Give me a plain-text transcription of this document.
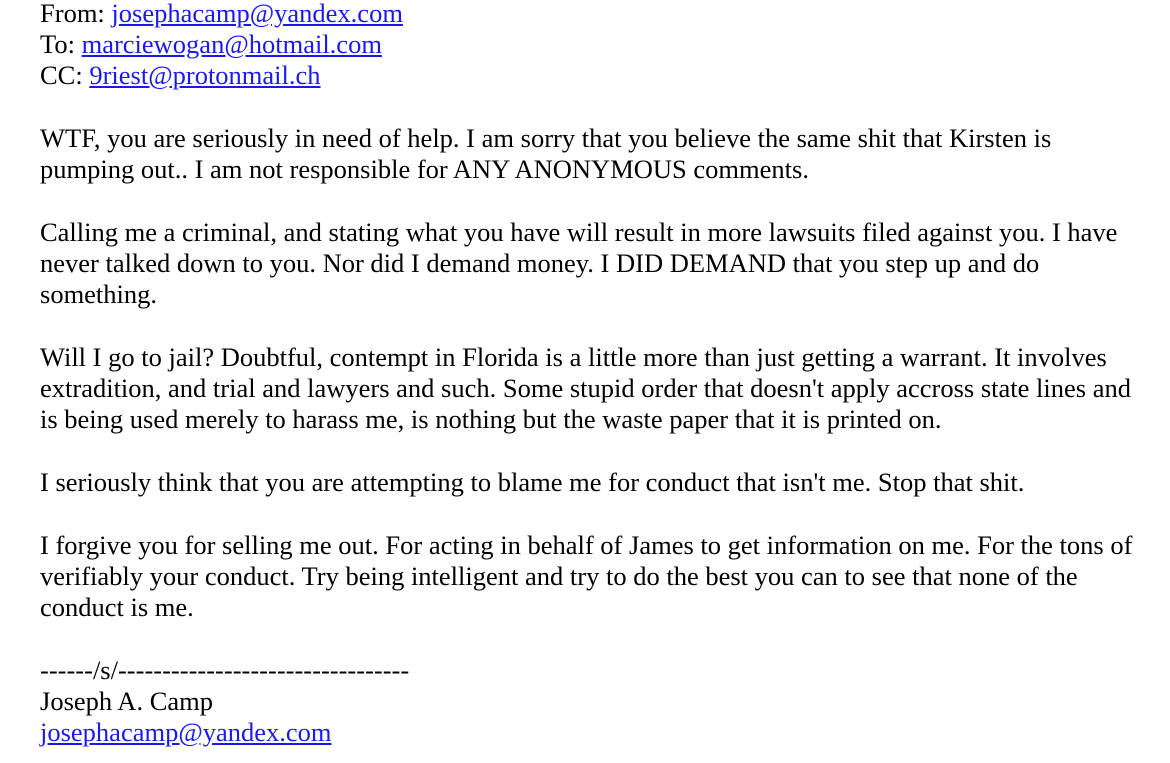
From: josephacamp@yandex.com
To: marciewogan@hotmail.com
CC: 9riest@protonmail.ch

WTF, you are seriously in need of help. I am sorry that you believe the same shit that Kirsten is pumping out.. I am not responsible for ANY ANONYMOUS comments.

Calling me a criminal, and stating what you have will result in more lawsuits filed against you. I have never talked down to you. Nor did I demand money. I DID DEMAND that you step up and do something.

Will I go to jail? Doubtful, contempt in Florida is a little more than just getting a warrant. It involves extradition, and trial and lawyers and such. Some stupid order that doesn't apply accross state lines and is being used merely to harass me, is nothing but the waste paper that it is printed on.

I seriously think that you are attempting to blame me for conduct that isn't me. Stop that shit.

I forgive you for selling me out. For acting in behalf of James to get information on me. For the tons of verifiably your conduct. Try being intelligent and try to do the best you can to see that none of the conduct is me.

------/s/---------------------------------
Joseph A. Camp
josephacamp@yandex.com
